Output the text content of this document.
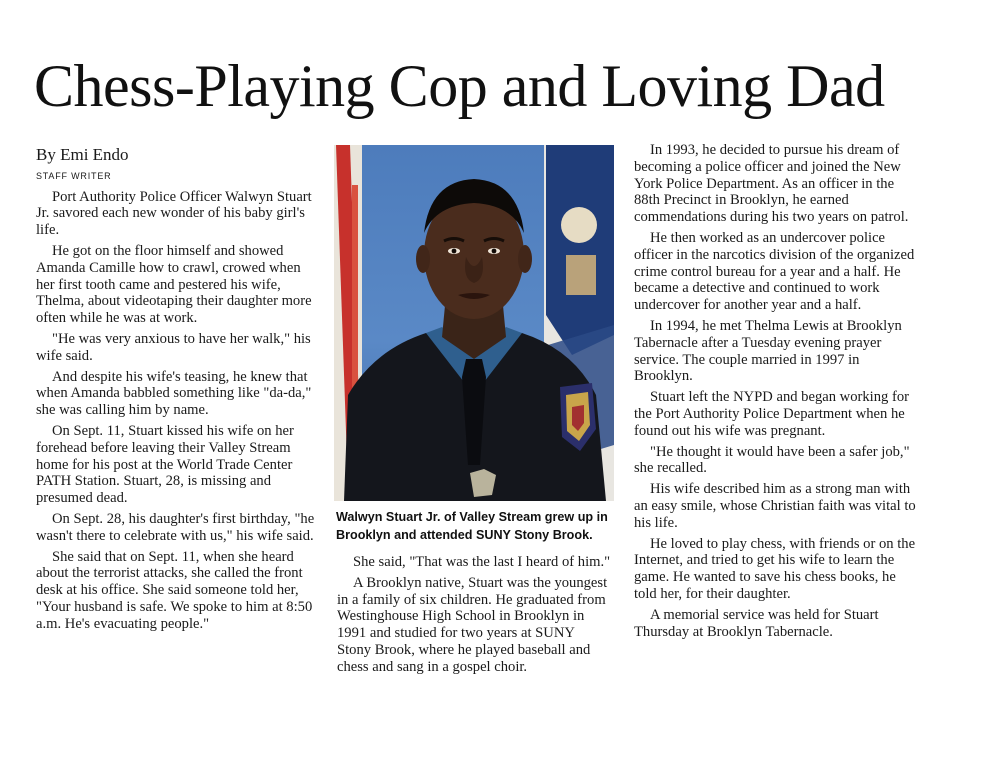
Chess-Playing Cop and Loving Dad

By Emi Endo

STAFF WRITER

Port Authority Police Officer Walwyn Stuart Jr. savored each new wonder of his baby girl's life.

He got on the floor himself and showed Amanda Camille how to crawl, crowed when her first tooth came and pestered his wife, Thelma, about videotaping their daughter more often while he was at work.

"He was very anxious to have her walk," his wife said.

And despite his wife's teasing, he knew that when Amanda babbled something like "da-da," she was calling him by name.

On Sept. 11, Stuart kissed his wife on her forehead before leaving their Valley Stream home for his post at the World Trade Center PATH Station. Stuart, 28, is missing and presumed dead.

On Sept. 28, his daughter's first birthday, "he wasn't there to celebrate with us," his wife said.

She said that on Sept. 11, when she heard about the terrorist attacks, she called the front desk at his office. She said someone told her, "Your husband is safe. We spoke to him at 8:50 a.m. He's evacuating people."

Walwyn Stuart Jr. of Valley Stream grew up in Brooklyn and attended SUNY Stony Brook.

She said, "That was the last I heard of him."

A Brooklyn native, Stuart was the youngest in a family of six children. He graduated from Westinghouse High School in Brooklyn in 1991 and studied for two years at SUNY Stony Brook, where he played baseball and chess and sang in a gospel choir.

In 1993, he decided to pursue his dream of becoming a police officer and joined the New York Police Department. As an officer in the 88th Precinct in Brooklyn, he earned commendations during his two years on patrol.

He then worked as an undercover police officer in the narcotics division of the organized crime control bureau for a year and a half. He became a detective and continued to work undercover for another year and a half.

In 1994, he met Thelma Lewis at Brooklyn Tabernacle after a Tuesday evening prayer service. The couple married in 1997 in Brooklyn.

Stuart left the NYPD and began working for the Port Authority Police Department when he found out his wife was pregnant.

"He thought it would have been a safer job," she recalled.

His wife described him as a strong man with an easy smile, whose Christian faith was vital to his life.

He loved to play chess, with friends or on the Internet, and tried to get his wife to learn the game. He wanted to save his chess books, he told her, for their daughter.

A memorial service was held for Stuart Thursday at Brooklyn Tabernacle.
